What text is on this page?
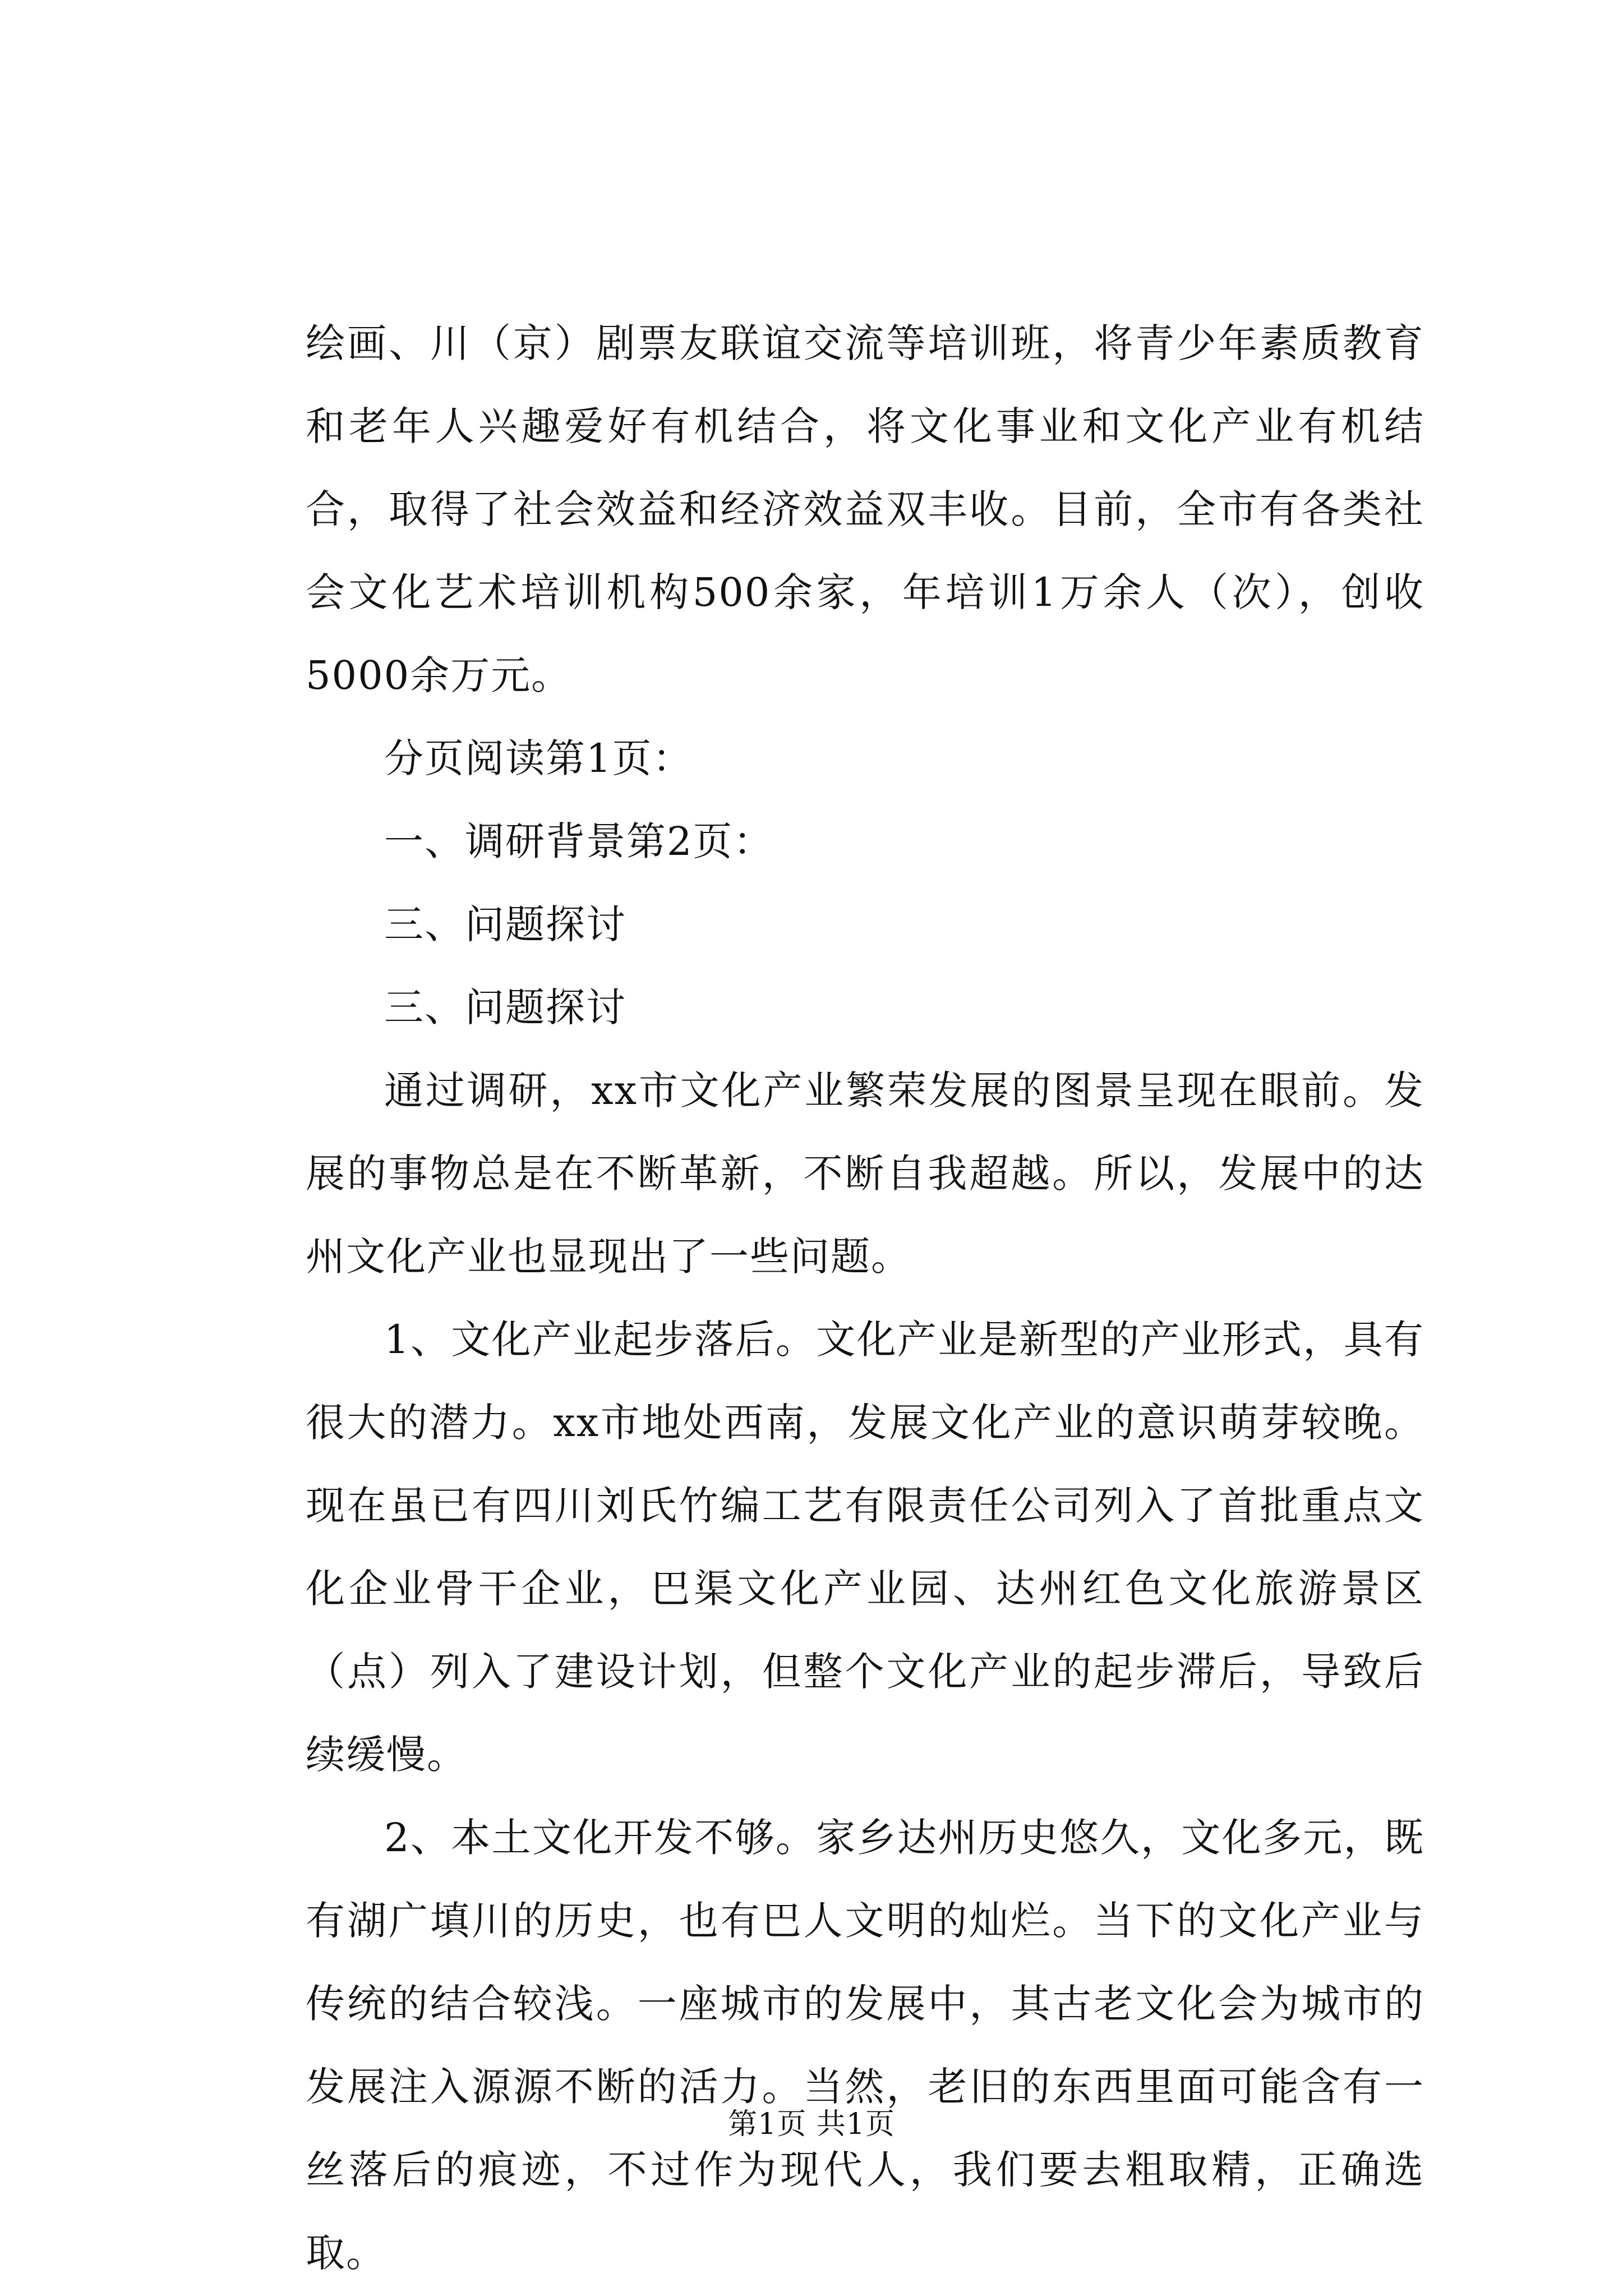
绘画、川（京）剧票友联谊交流等培训班，将青少年素质教育和老年人兴趣爱好有机结合，将文化事业和文化产业有机结合，取得了社会效益和经济效益双丰收。目前，全市有各类社会文化艺术培训机构500余家，年培训1万余人（次），创收5000余万元。

分页阅读第1页：

一、调研背景第2页：

三、问题探讨

三、问题探讨

通过调研，xx市文化产业繁荣发展的图景呈现在眼前。发展的事物总是在不断革新，不断自我超越。所以，发展中的达州文化产业也显现出了一些问题。

1、文化产业起步落后。文化产业是新型的产业形式，具有很大的潜力。xx市地处西南，发展文化产业的意识萌芽较晚。现在虽已有四川刘氏竹编工艺有限责任公司列入了首批重点文化企业骨干企业，巴渠文化产业园、达州红色文化旅游景区（点）列入了建设计划，但整个文化产业的起步滞后，导致后续缓慢。

2、本土文化开发不够。家乡达州历史悠久，文化多元，既有湖广填川的历史，也有巴人文明的灿烂。当下的文化产业与传统的结合较浅。一座城市的发展中，其古老文化会为城市的发展注入源源不断的活力。当然，老旧的东西里面可能含有一丝落后的痕迹，不过作为现代人，我们要去粗取精，正确选取。

第1页 共1页
